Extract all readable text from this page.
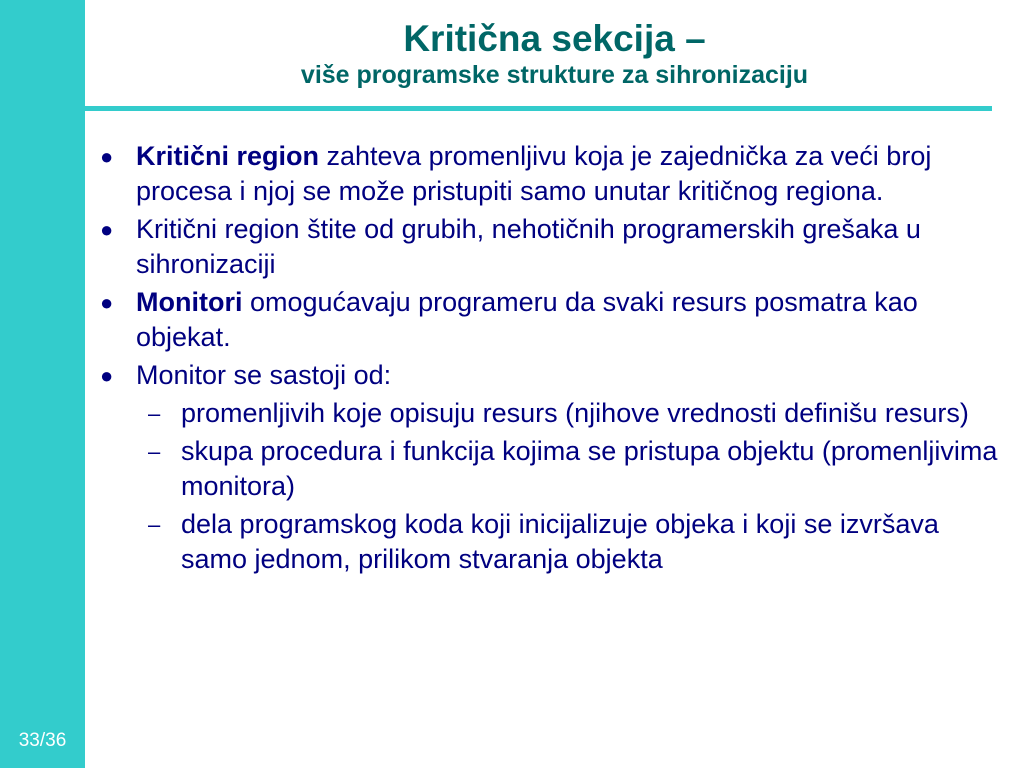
33/36
Kritična sekcija –
više programske strukture za sihronizaciju
● Kritični region zahteva promenljivu koja je zajednička za veći broj procesa i njoj se može pristupiti samo unutar kritičnog regiona.
● Kritični region štite od grubih, nehotičnih programerskih grešaka u sihronizaciji
● Monitori omogućavaju programeru da svaki resurs posmatra kao objekat.
● Monitor se sastoji od:
– promenljivih koje opisuju resurs (njihove vrednosti definišu resurs)
– skupa procedura i funkcija kojima se pristupa objektu (promenljivima monitora)
– dela programskog koda koji inicijalizuje objeka i koji se izvršava samo jednom, prilikom stvaranja objekta
